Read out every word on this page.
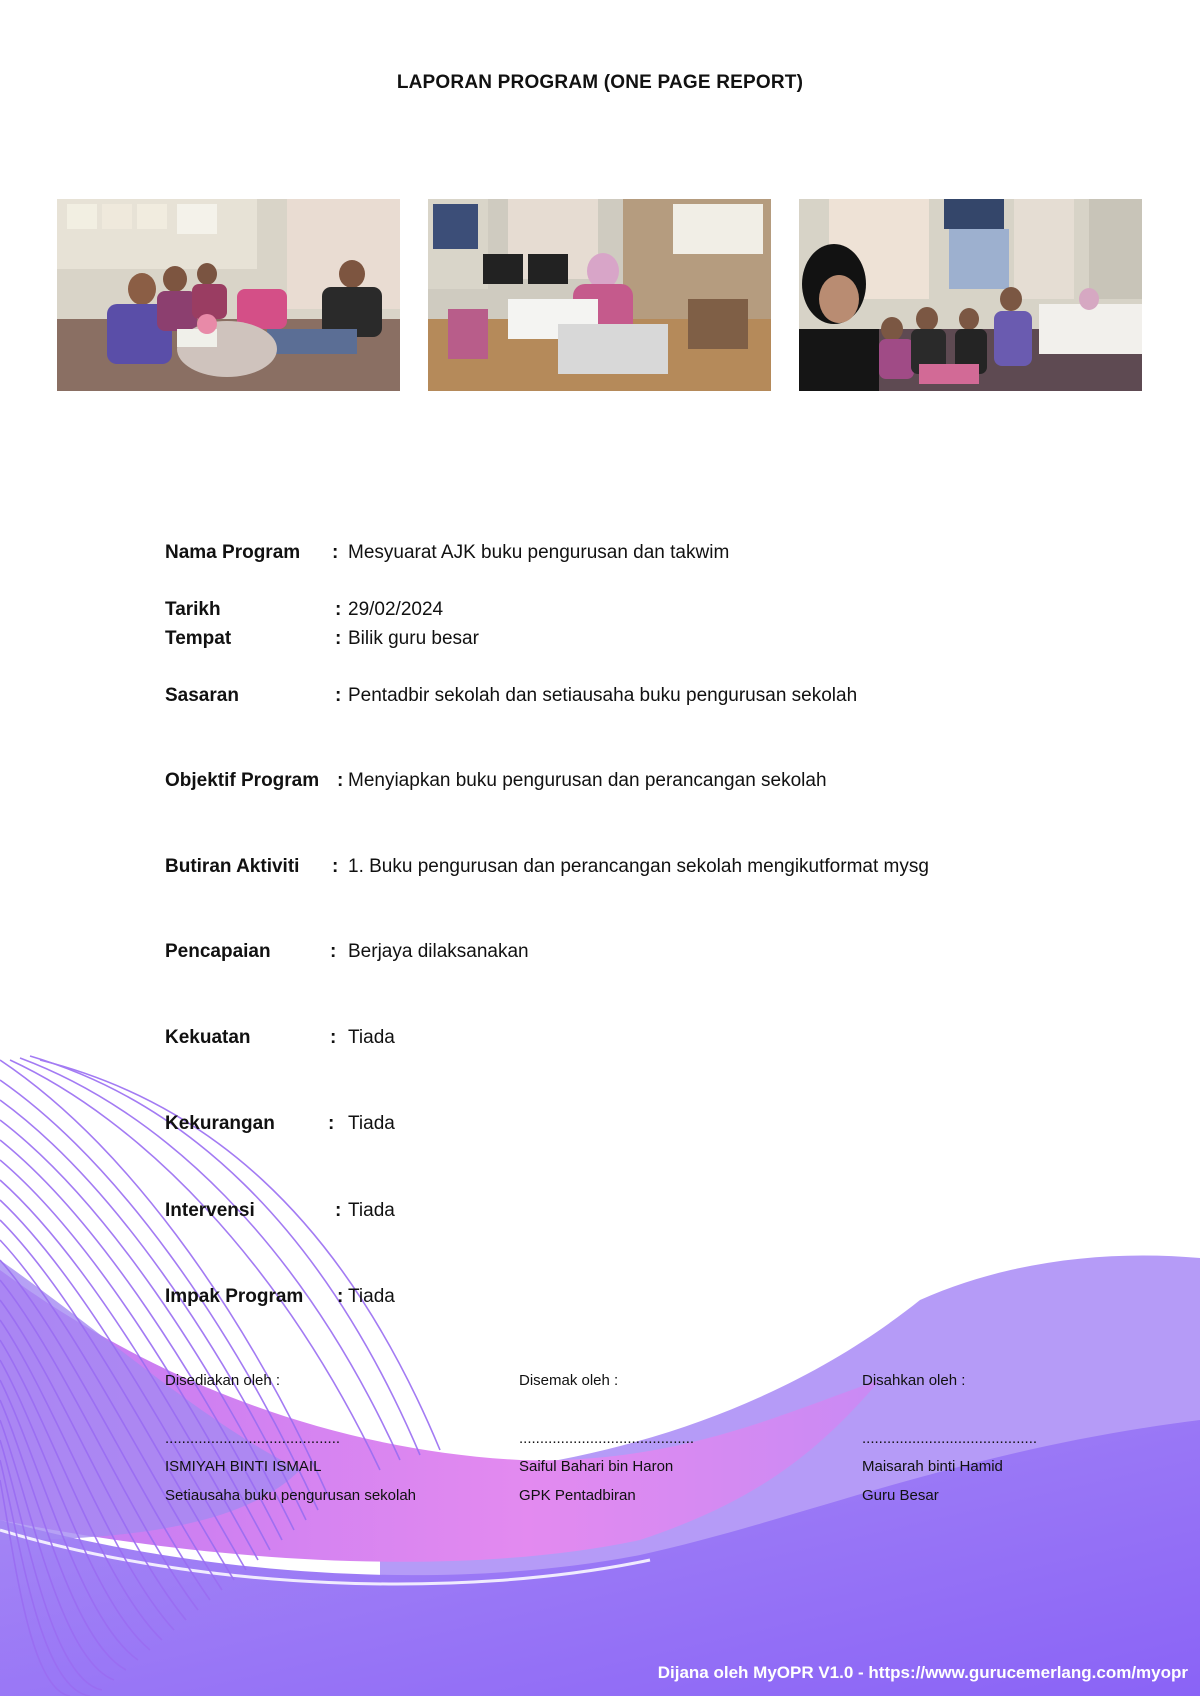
LAPORAN PROGRAM (ONE PAGE REPORT)
Nama Program : Mesyuarat AJK buku pengurusan dan takwim
Tarikh	: 29/02/2024
Tempat	: Bilik guru besar
Sasaran	: Pentadbir sekolah dan setiausaha buku pengurusan sekolah
Objektif Program : Menyiapkan buku pengurusan dan perancangan sekolah
Butiran Aktiviti : 1. Buku pengurusan dan perancangan sekolah mengikutformat mysg
Pencapaian	: Berjaya dilaksanakan
Kekuatan	: Tiada
Kekurangan	: Tiada
Intervensi	: Tiada
Impak Program : Tiada
Disediakan oleh :
..........................................
ISMIYAH BINTI ISMAIL
Setiausaha buku pengurusan sekolah
Disemak oleh :
..........................................
Saiful Bahari bin Haron
GPK Pentadbiran
Disahkan oleh :
..........................................
Maisarah binti Hamid
Guru Besar
Dijana oleh MyOPR V1.0 - https://www.gurucemerlang.com/myopr
